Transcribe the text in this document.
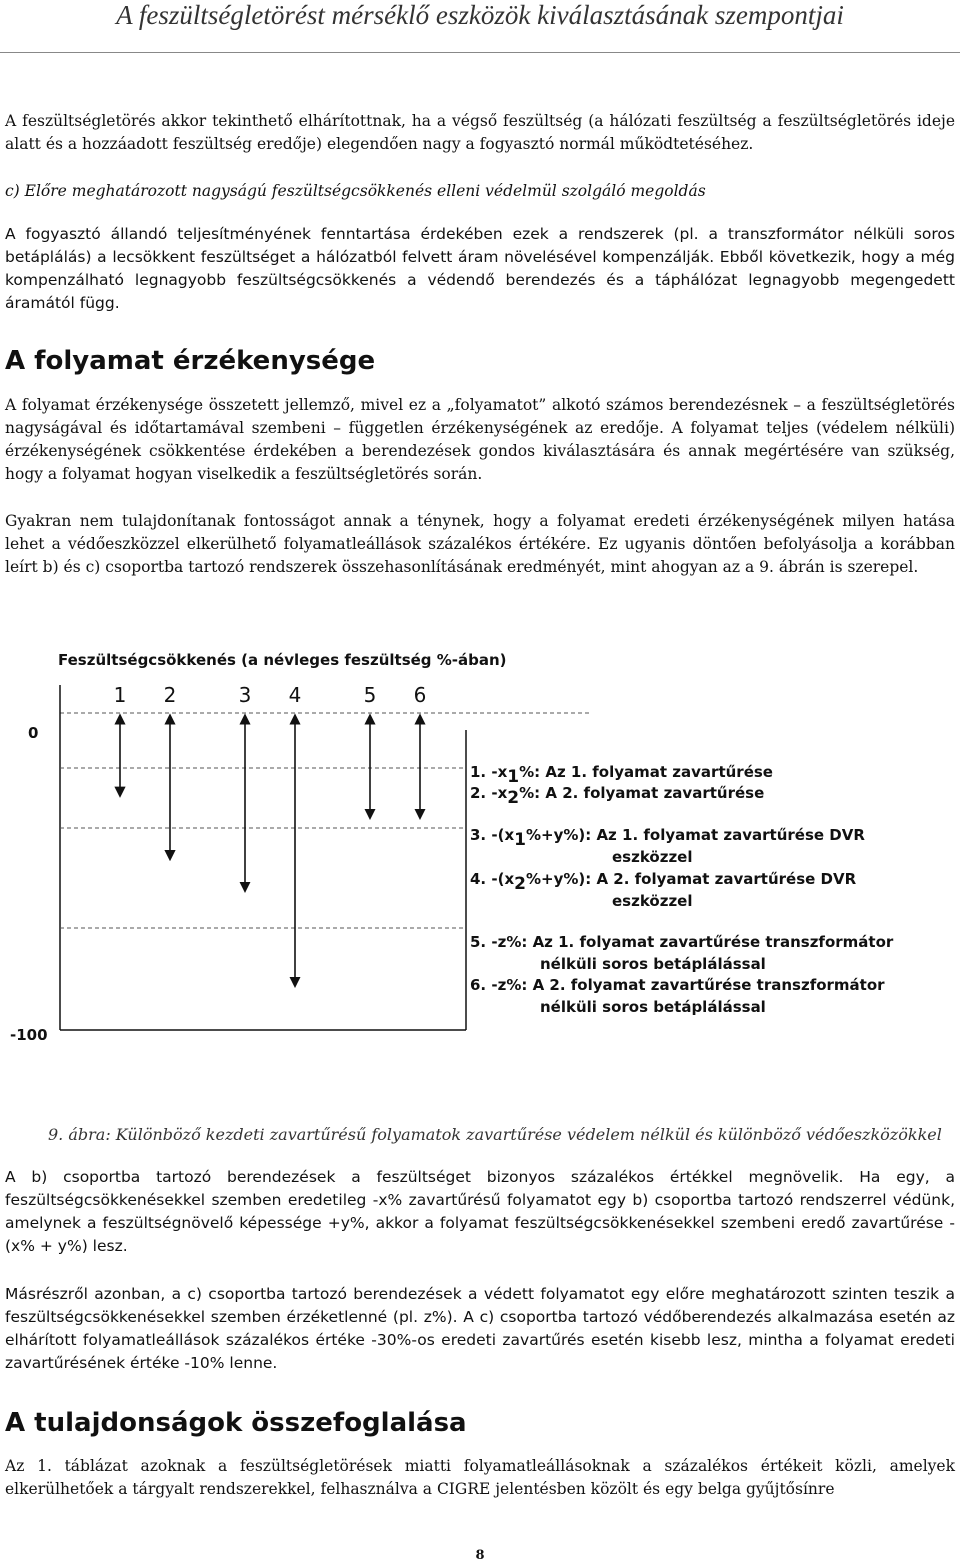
A feszültségletörést mérséklő eszközök kiválasztásának szempontjai

A feszültségletörés akkor tekinthető elhárítottnak, ha a végső feszültség (a hálózati feszültség a feszültségletörés ideje alatt és a hozzáadott feszültség eredője) elegendően nagy a fogyasztó normál működtetéséhez.

c) Előre meghatározott nagyságú feszültségcsökkenés elleni védelmül szolgáló megoldás

A fogyasztó állandó teljesítményének fenntartása érdekében ezek a rendszerek (pl. a transzformátor nélküli soros betáplálás) a lecsökkent feszültséget a hálózatból felvett áram növelésével kompenzálják. Ebből következik, hogy a még kompenzálható legnagyobb feszültségcsökkenés a védendő berendezés és a táphálózat legnagyobb megengedett áramától függ.

A folyamat érzékenysége

A folyamat érzékenysége összetett jellemző, mivel ez a „folyamatot” alkotó számos berendezésnek – a feszültségletörés nagyságával és időtartamával szembeni – független érzékenységének az eredője. A folyamat teljes (védelem nélküli) érzékenységének csökkentése érdekében a berendezések gondos kiválasztására és annak megértésére van szükség, hogy a folyamat hogyan viselkedik a feszültségletörés során.

Gyakran nem tulajdonítanak fontosságot annak a ténynek, hogy a folyamat eredeti érzékenységének milyen hatása lehet a védőeszközzel elkerülhető folyamatleállások százalékos értékére. Ez ugyanis döntően befolyásolja a korábban leírt b) és c) csoportba tartozó rendszerek összehasonlításának eredményét, mint ahogyan az a 9. ábrán is szerepel.

Feszültségcsökkenés (a névleges feszültség %-ában)
1 2	3 4	5 6
0
-100
1. -x1%: Az 1. folyamat zavartűrése
2. -x2%: A 2. folyamat zavartűrése
3. -(x1%+y%): Az 1. folyamat zavartűrése DVR
eszközzel
4. -(x2%+y%): A 2. folyamat zavartűrése DVR
eszközzel
5. -z%: Az 1. folyamat zavartűrése transzformátor
nélküli soros betáplálással
6. -z%: A 2. folyamat zavartűrése transzformátor
nélküli soros betáplálással
9. ábra: Különböző kezdeti zavartűrésű folyamatok zavartűrése védelem nélkül és különböző védőeszközökkel

A b) csoportba tartozó berendezések a feszültséget bizonyos százalékos értékkel megnövelik. Ha egy, a feszültségcsökkenésekkel szemben eredetileg -x% zavartűrésű folyamatot egy b) csoportba tartozó rendszerrel védünk, amelynek a feszültségnövelő képessége +y%, akkor a folyamat feszültségcsökkenésekkel szembeni eredő zavartűrése -(x% + y%) lesz.

Másrészről azonban, a c) csoportba tartozó berendezések a védett folyamatot egy előre meghatározott szinten teszik a feszültségcsökkenésekkel szemben érzéketlenné (pl. z%). A c) csoportba tartozó védőberendezés alkalmazása esetén az elhárított folyamatleállások százalékos értéke -30%-os eredeti zavartűrés esetén kisebb lesz, mintha a folyamat eredeti zavartűrésének értéke -10% lenne.

A tulajdonságok összefoglalása

Az 1. táblázat azoknak a feszültségletörések miatti folyamatleállásoknak a százalékos értékeit közli, amelyek elkerülhetőek a tárgyalt rendszerekkel, felhasználva a CIGRE jelentésben közölt és egy belga gyűjtősínre

8
